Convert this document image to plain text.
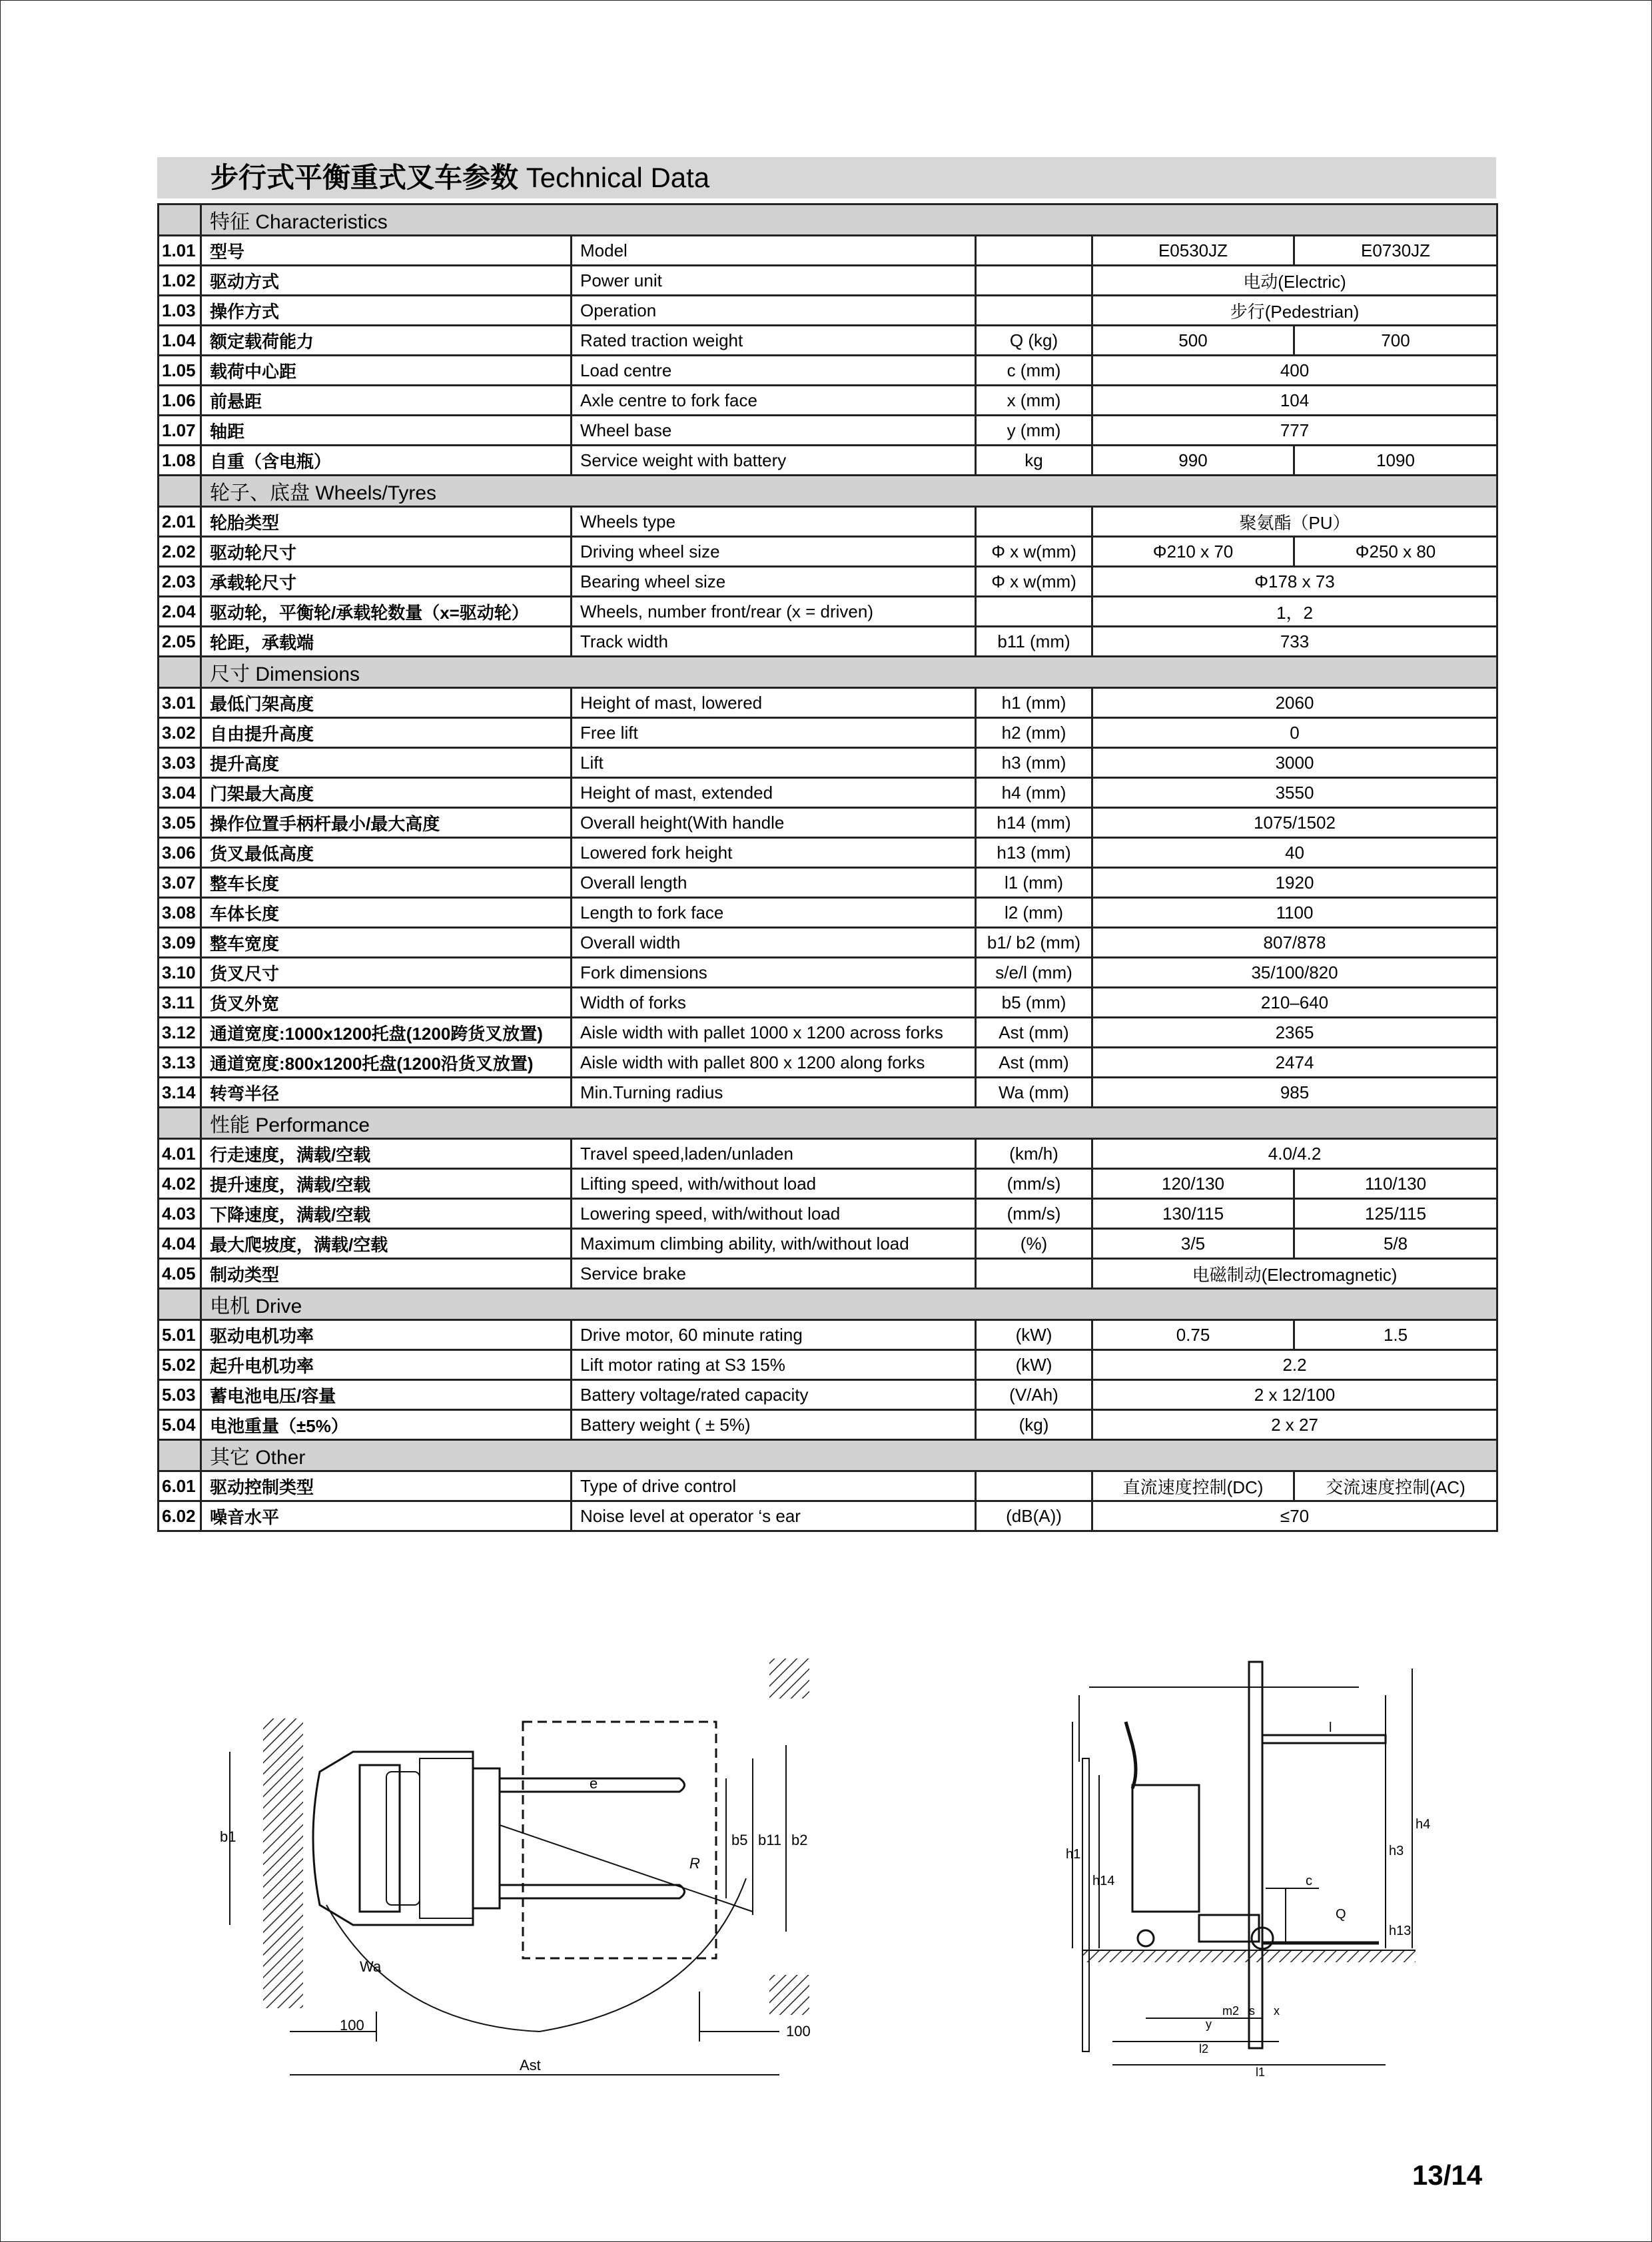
步行式平衡重式叉车参数 Technical Data
	特征 Characteristics				
1.01	型号	Model		E0530JZ	E0730JZ
1.02	驱动方式	Power unit		电动(Electric)	
1.03	操作方式	Operation		步行(Pedestrian)	
1.04	额定载荷能力	Rated traction weight	Q (kg)	500	700
1.05	载荷中心距	Load centre	c (mm)	400	
1.06	前悬距	Axle centre to fork face	x (mm)	104	
1.07	轴距	Wheel base	y (mm)	777	
1.08	自重（含电瓶）	Service weight with battery	kg	990	1090
	轮子、底盘 Wheels/Tyres				
2.01	轮胎类型	Wheels type		聚氨酯（PU）	
2.02	驱动轮尺寸	Driving wheel size	Φ x w(mm)	Φ210 x 70	Φ250 x 80
2.03	承载轮尺寸	Bearing wheel size	Φ x w(mm)	Φ178 x 73	
2.04	驱动轮，平衡轮/承载轮数量（x=驱动轮）	Wheels, number front/rear (x = driven)		1，2	
2.05	轮距，承载端	Track width	b11 (mm)	733	
	尺寸 Dimensions				
3.01	最低门架高度	Height of mast, lowered	h1 (mm)	2060	
3.02	自由提升高度	Free lift	h2 (mm)	0	
3.03	提升高度	Lift	h3 (mm)	3000	
3.04	门架最大高度	Height of mast, extended	h4 (mm)	3550	
3.05	操作位置手柄杆最小/最大高度	Overall height(With handle	h14 (mm)	1075/1502	
3.06	货叉最低高度	Lowered fork height	h13 (mm)	40	
3.07	整车长度	Overall length	l1 (mm)	1920	
3.08	车体长度	Length to fork face	l2 (mm)	1100	
3.09	整车宽度	Overall width	b1/ b2 (mm)	807/878	
3.10	货叉尺寸	Fork dimensions	s/e/l (mm)	35/100/820	
3.11	货叉外宽	Width of forks	b5 (mm)	210–640	
3.12	通道宽度:1000x1200托盘(1200跨货叉放置)	Aisle width with pallet 1000 x 1200 across forks	Ast (mm)	2365	
3.13	通道宽度:800x1200托盘(1200沿货叉放置)	Aisle width with pallet 800 x 1200 along forks	Ast (mm)	2474	
3.14	转弯半径	Min.Turning radius	Wa (mm)	985	
	性能 Performance				
4.01	行走速度，满载/空载	Travel speed,laden/unladen	(km/h)	4.0/4.2	
4.02	提升速度，满载/空载	Lifting speed, with/without load	(mm/s)	120/130	110/130
4.03	下降速度，满载/空载	Lowering speed, with/without load	(mm/s)	130/115	125/115
4.04	最大爬坡度，满载/空载	Maximum climbing ability, with/without load	(%)	3/5	5/8
4.05	制动类型	Service brake		电磁制动(Electromagnetic)	
	电机 Drive				
5.01	驱动电机功率	Drive motor, 60 minute rating	(kW)	0.75	1.5
5.02	起升电机功率	Lift motor rating at S3 15%	(kW)	2.2	
5.03	蓄电池电压/容量	Battery voltage/rated capacity	(V/Ah)	2 x 12/100	
5.04	电池重量（±5%）	Battery weight ( ± 5%)	(kg)	2 x 27	
	其它 Other				
6.01	驱动控制类型	Type of drive control		直流速度控制(DC)	交流速度控制(AC)
6.02	噪音水平	Noise level at operator ‘s ear	(dB(A))	≤70	
b1	b5 b11 b2
e
R
Wa
100	100
Ast
l
c
Q
h1
h14
h3
h4
h13
m2 s x
y
l2
l1
13/14
